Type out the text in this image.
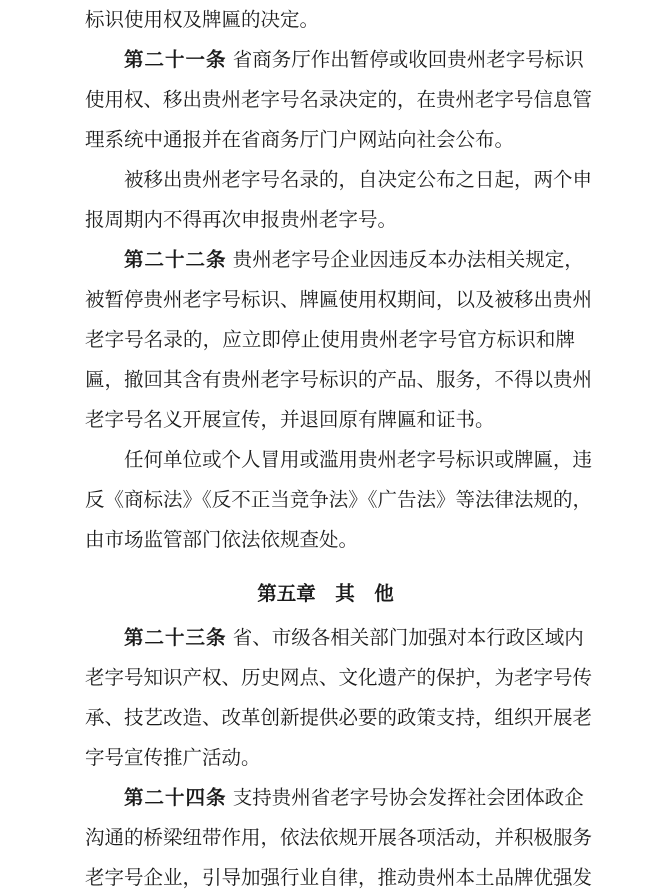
标识使用权及牌匾的决定。
第二十一条 省商务厅作出暂停或收回贵州老字号标识
使用权、移出贵州老字号名录决定的，在贵州老字号信息管
理系统中通报并在省商务厅门户网站向社会公布。
被移出贵州老字号名录的，自决定公布之日起，两个申
报周期内不得再次申报贵州老字号。
第二十二条 贵州老字号企业因违反本办法相关规定，
被暂停贵州老字号标识、牌匾使用权期间，以及被移出贵州
老字号名录的，应立即停止使用贵州老字号官方标识和牌
匾，撤回其含有贵州老字号标识的产品、服务，不得以贵州
老字号名义开展宣传，并退回原有牌匾和证书。
任何单位或个人冒用或滥用贵州老字号标识或牌匾，违
反《商标法》《反不正当竞争法》《广告法》等法律法规的，
由市场监管部门依法依规查处。
第五章　其　他
第二十三条 省、市级各相关部门加强对本行政区域内
老字号知识产权、历史网点、文化遗产的保护，为老字号传
承、技艺改造、改革创新提供必要的政策支持，组织开展老
字号宣传推广活动。
第二十四条 支持贵州省老字号协会发挥社会团体政企
沟通的桥梁纽带作用，依法依规开展各项活动，并积极服务
老字号企业，引导加强行业自律，推动贵州本土品牌优强发
